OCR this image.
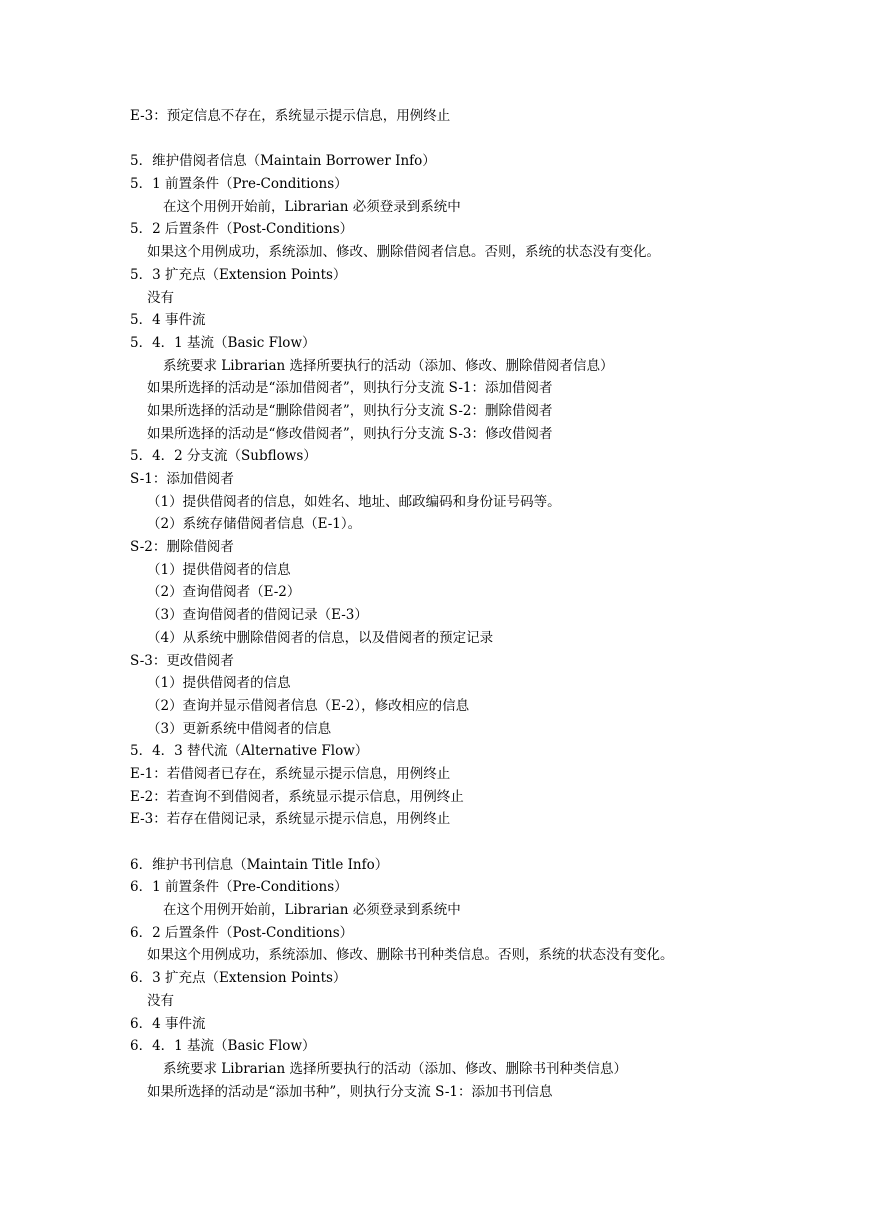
E-3：预定信息不存在，系统显示提示信息，用例终止
5．维护借阅者信息（Maintain Borrower Info）
5．1 前置条件（Pre-Conditions）
在这个用例开始前，Librarian 必须登录到系统中
5．2 后置条件（Post-Conditions）
如果这个用例成功，系统添加、修改、删除借阅者信息。否则，系统的状态没有变化。
5．3 扩充点（Extension Points）
没有
5．4 事件流
5．4．1 基流（Basic Flow）
系统要求 Librarian 选择所要执行的活动（添加、修改、删除借阅者信息）
如果所选择的活动是“添加借阅者”，则执行分支流 S-1：添加借阅者
如果所选择的活动是“删除借阅者”，则执行分支流 S-2：删除借阅者
如果所选择的活动是“修改借阅者”，则执行分支流 S-3：修改借阅者
5．4．2 分支流（Subflows）
S-1：添加借阅者
（1）提供借阅者的信息，如姓名、地址、邮政编码和身份证号码等。
（2）系统存储借阅者信息（E-1）。
S-2：删除借阅者
（1）提供借阅者的信息
（2）查询借阅者（E-2）
（3）查询借阅者的借阅记录（E-3）
（4）从系统中删除借阅者的信息，以及借阅者的预定记录
S-3：更改借阅者
（1）提供借阅者的信息
（2）查询并显示借阅者信息（E-2），修改相应的信息
（3）更新系统中借阅者的信息
5．4．3 替代流（Alternative Flow）
E-1：若借阅者已存在，系统显示提示信息，用例终止
E-2：若查询不到借阅者，系统显示提示信息，用例终止
E-3：若存在借阅记录，系统显示提示信息，用例终止
6．维护书刊信息（Maintain Title Info）
6．1 前置条件（Pre-Conditions）
在这个用例开始前，Librarian 必须登录到系统中
6．2 后置条件（Post-Conditions）
如果这个用例成功，系统添加、修改、删除书刊种类信息。否则，系统的状态没有变化。
6．3 扩充点（Extension Points）
没有
6．4 事件流
6．4．1 基流（Basic Flow）
系统要求 Librarian 选择所要执行的活动（添加、修改、删除书刊种类信息）
如果所选择的活动是“添加书种”，则执行分支流 S-1：添加书刊信息
